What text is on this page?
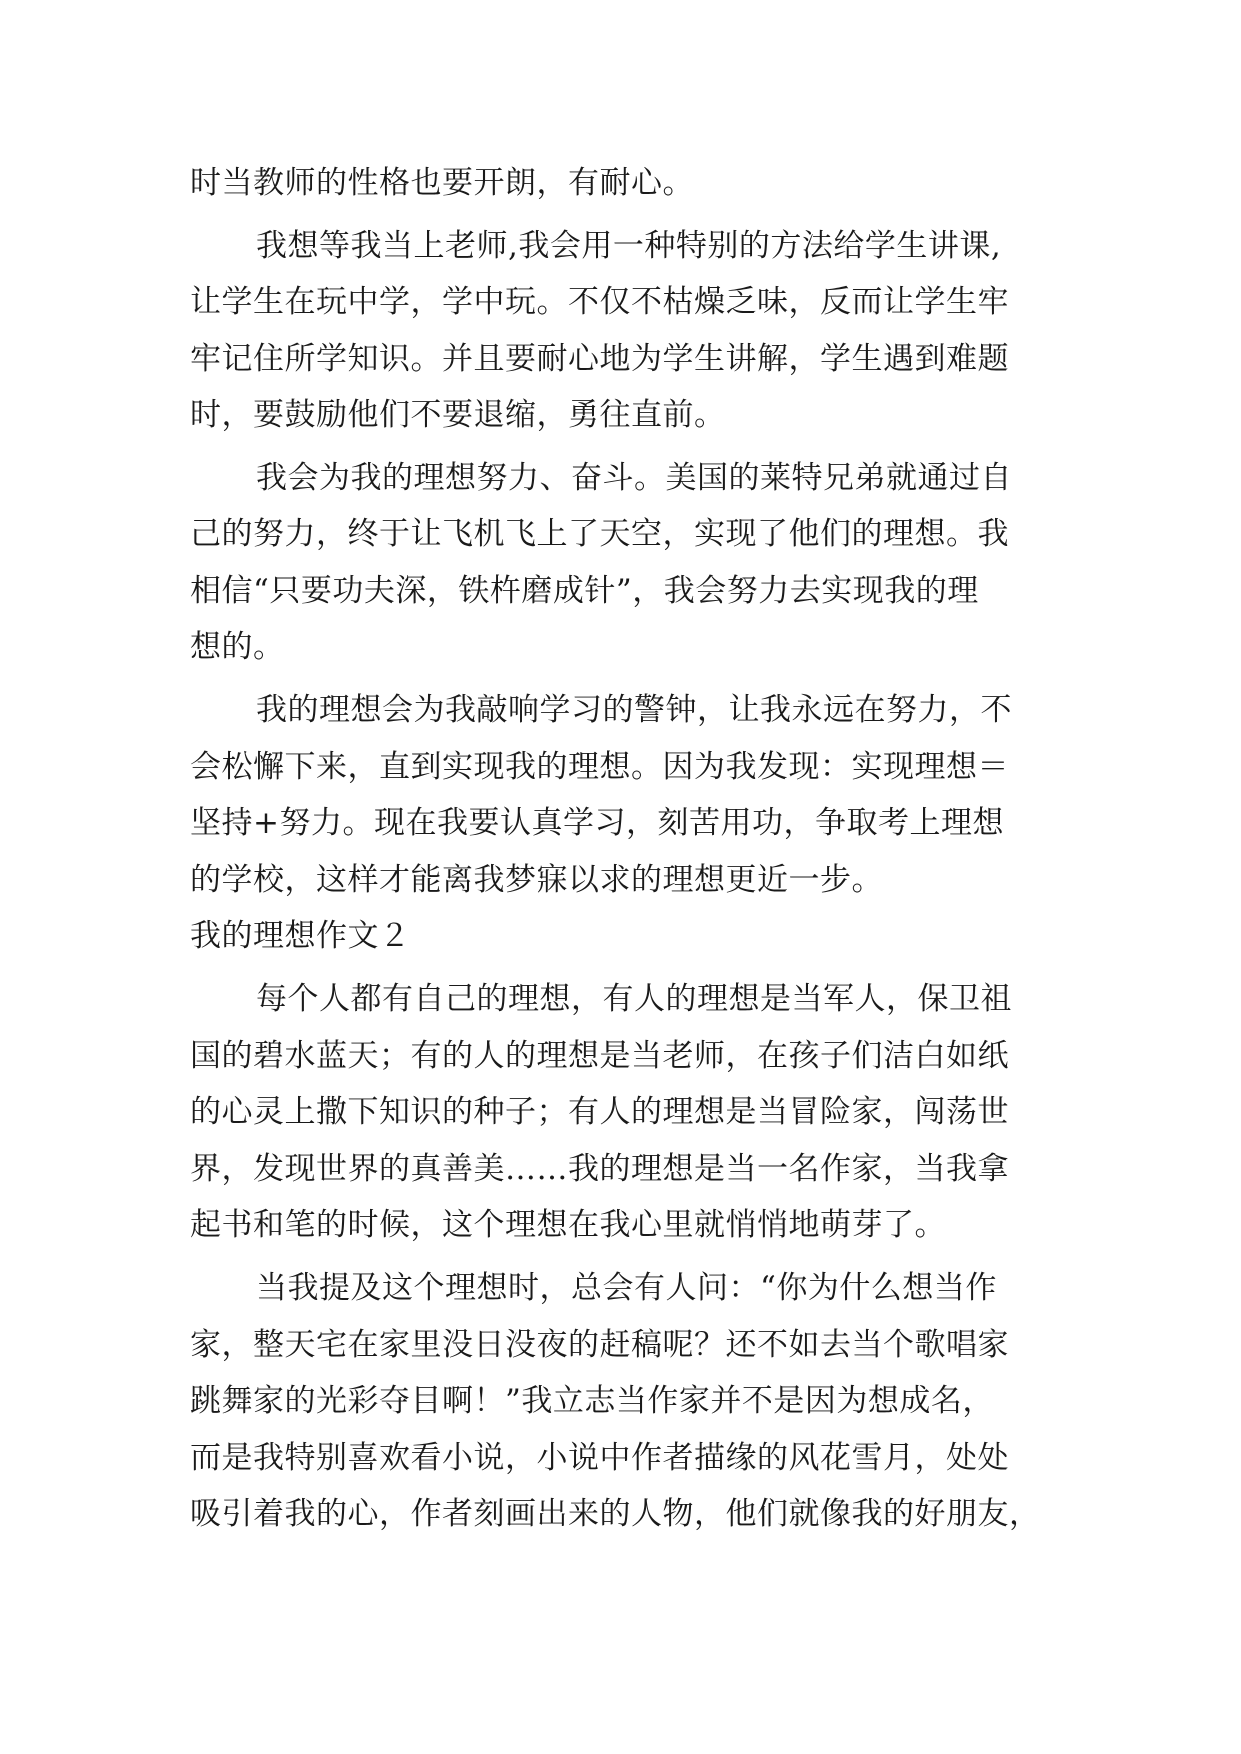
时当教师的性格也要开朗，有耐心。
我想等我当上老师,我会用一种特别的方法给学生讲课,
让学生在玩中学，学中玩。不仅不枯燥乏味，反而让学生牢
牢记住所学知识。并且要耐心地为学生讲解，学生遇到难题
时，要鼓励他们不要退缩，勇往直前。
我会为我的理想努力、奋斗。美国的莱特兄弟就通过自
己的努力，终于让飞机飞上了天空，实现了他们的理想。我
相信“只要功夫深，铁杵磨成针”，我会努力去实现我的理
想的。
我的理想会为我敲响学习的警钟，让我永远在努力，不
会松懈下来，直到实现我的理想。因为我发现：实现理想＝
坚持+努力。现在我要认真学习，刻苦用功，争取考上理想
的学校，这样才能离我梦寐以求的理想更近一步。
我的理想作文２
每个人都有自己的理想，有人的理想是当军人，保卫祖
国的碧水蓝天；有的人的理想是当老师，在孩子们洁白如纸
的心灵上撒下知识的种子；有人的理想是当冒险家，闯荡世
界，发现世界的真善美……我的理想是当一名作家，当我拿
起书和笔的时候，这个理想在我心里就悄悄地萌芽了。
当我提及这个理想时，总会有人问：“你为什么想当作
家，整天宅在家里没日没夜的赶稿呢？还不如去当个歌唱家
跳舞家的光彩夺目啊！”我立志当作家并不是因为想成名，
而是我特别喜欢看小说，小说中作者描缘的风花雪月，处处
吸引着我的心，作者刻画出来的人物，他们就像我的好朋友，
